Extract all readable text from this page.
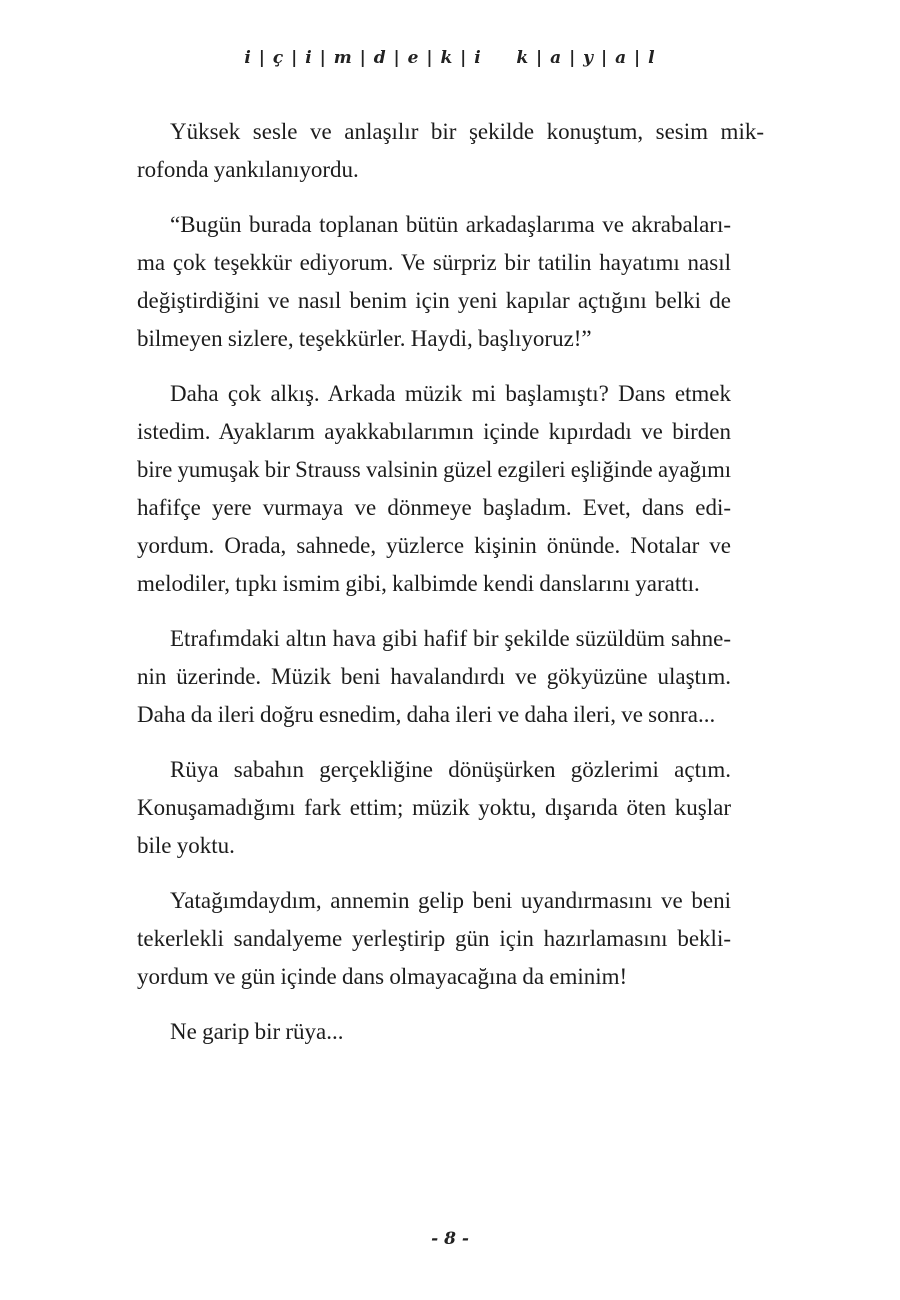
i | ç | i | m | d | e | k | i     k | a | y | a | l

Yüksek sesle ve anlaşılır bir şekilde konuştum, sesim mik-
rofonda yankılanıyordu.

“Bugün burada toplanan bütün arkadaşlarıma ve akrabaları-
ma çok teşekkür ediyorum. Ve sürpriz bir tatilin hayatımı nasıl
değiştirdiğini ve nasıl benim için yeni kapılar açtığını belki de
bilmeyen sizlere, teşekkürler. Haydi, başlıyoruz!”

Daha çok alkış. Arkada müzik mi başlamıştı? Dans etmek
istedim. Ayaklarım ayakkabılarımın içinde kıpırdadı ve birden
bire yumuşak bir Strauss valsinin güzel ezgileri eşliğinde ayağımı
hafifçe yere vurmaya ve dönmeye başladım. Evet, dans edi-
yordum. Orada, sahnede, yüzlerce kişinin önünde. Notalar ve
melodiler, tıpkı ismim gibi, kalbimde kendi danslarını yarattı.

Etrafımdaki altın hava gibi hafif bir şekilde süzüldüm sahne-
nin üzerinde. Müzik beni havalandırdı ve gökyüzüne ulaştım.
Daha da ileri doğru esnedim, daha ileri ve daha ileri, ve sonra...

Rüya sabahın gerçekliğine dönüşürken gözlerimi açtım.
Konuşamadığımı fark ettim; müzik yoktu, dışarıda öten kuşlar
bile yoktu.

Yatağımdaydım, annemin gelip beni uyandırmasını ve beni
tekerlekli sandalyeme yerleştirip gün için hazırlamasını bekli-
yordum ve gün içinde dans olmayacağına da eminim!

Ne garip bir rüya...

- 8 -
